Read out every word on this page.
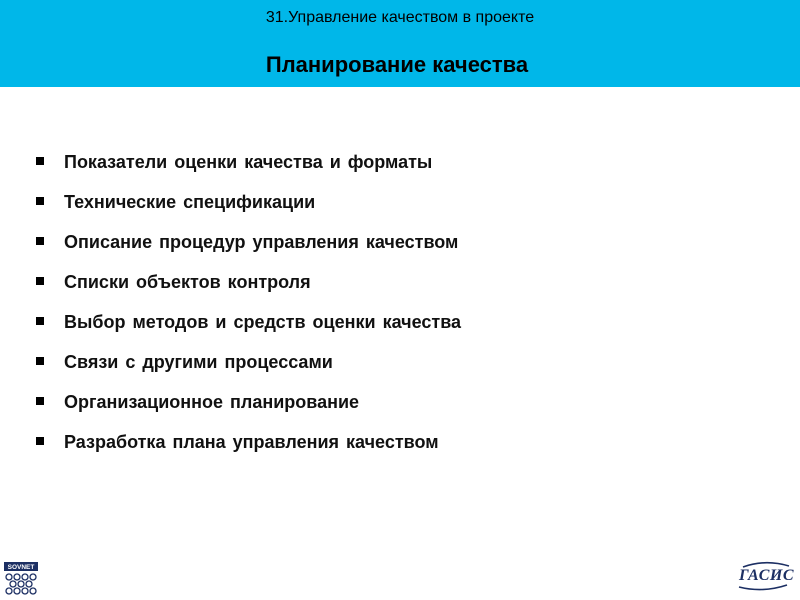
31.Управление качеством в проекте
Планирование качества
Показатели оценки качества и форматы
Технические спецификации
Описание процедур управления качеством
Списки объектов контроля
Выбор методов и средств оценки качества
Связи с другими процессами
Организационное планирование
Разработка плана управления качеством
SOVNET	ГАСИС
